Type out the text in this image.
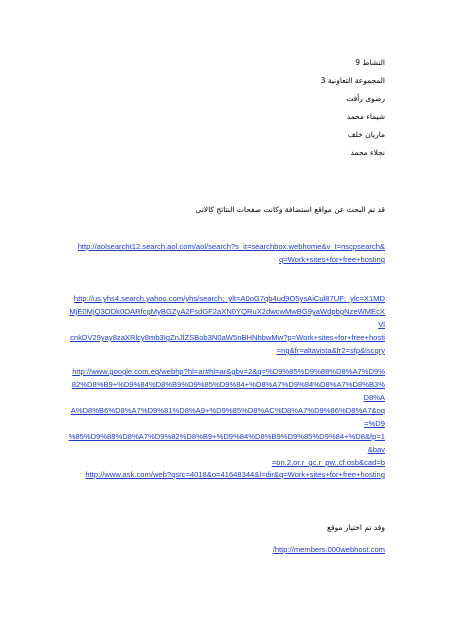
النشاط 9
المجموعة التعاونية 3
رضوى رأفت
شيماء محمد
ماريان خلف
نجلاء محمد
قد تم البحث عن مواقع استضافة وكانت صفحات النتائج كالاتى
http://aolsearcht12.search.aol.com/aol/search?s_it=searchbox.webhome&v_t=nscpsearch&
q=Work+sites+for+free+hosting
http://us.yhs4.search.yahoo.com/yhs/search;_ylt=A0oG7qb4ud9O5ysAiCul87UF;_ylc=X1MD
MjE0MjQ3ODk0OARfcgMyBGZyA2FsdGF2aXN0YQRuX2dwcwMwBG9yaWdpbgNzeWMEcXVl
cnkDV29yay8zaXRlcy8mb3IgZnJlZSBob3N0aW5nBHNhbwMw?p=Work+sites+for+free+hosti
=ng&fr=altavista&fr2=sfp&iscqry
http://www.google.com.eg/webhp?hl=ar#hl=ar&gbv=2&q=%D9%85%D9%88%D8%A7%D9%
82%D8%B9+%D9%84%D8%B9%D9%85%D9%84+%D8%A7%D9%84%D8%A7%D8%B3%D8%A
A%D8%B6%D8%A7%D9%81%D8%A9+%D9%85%D8%AC%D8%A7%D9%86%D8%A7&oq=%D9
%85%D9%88%D8%A7%D9%82%D8%B9+%D9%84%D8%B9%D9%85%D9%84+%D8&fp=1&bav
=on.2,or.r_gc.r_pw.,cf.osb&cad=b
http://www.ask.com/web?qsrc=4018&o=41648344&l=dir&q=Work+sites+for+free+hosting
وقد تم اختيار موقع
/http://members.000webhost.com
